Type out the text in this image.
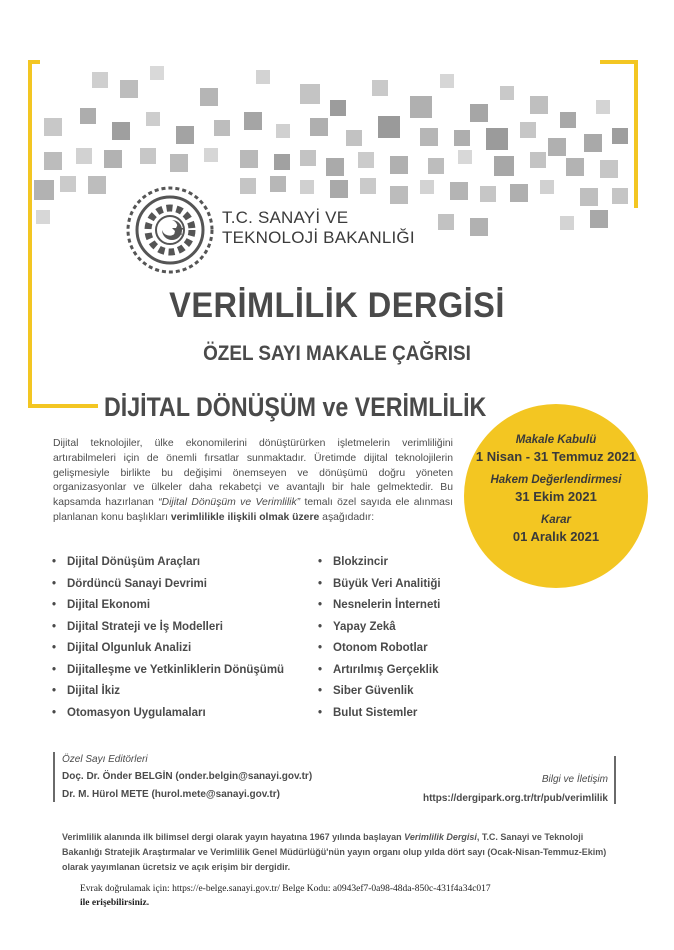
T.C. SANAYİ VE
TEKNOLOJİ BAKANLIĞI
VERİMLİLİK DERGİSİ
ÖZEL SAYI MAKALE ÇAĞRISI
DİJİTAL DÖNÜŞÜM ve VERİMLİLİK
Dijital teknolojiler, ülke ekonomilerini dönüştürürken işletmelerin verimliliğini artırabilmeleri için de önemli fırsatlar sunmaktadır. Üretimde dijital teknolojilerin gelişmesiyle birlikte bu değişimi önemseyen ve dönüşümü doğru yöneten organizasyonlar ve ülkeler daha rekabetçi ve avantajlı bir hale gelmektedir. Bu kapsamda hazırlanan “Dijital Dönüşüm ve Verimlilik” temalı özel sayıda ele alınması planlanan konu başlıkları verimlilikle ilişkili olmak üzere aşağıdadır:
Makale Kabulü
1 Nisan - 31 Temmuz 2021
Hakem Değerlendirmesi
31 Ekim 2021
Karar
01 Aralık 2021
• Dijital Dönüşüm Araçları
• Dördüncü Sanayi Devrimi
• Dijital Ekonomi
• Dijital Strateji ve İş Modelleri
• Dijital Olgunluk Analizi
• Dijitalleşme ve Yetkinliklerin Dönüşümü
• Dijital İkiz
• Otomasyon Uygulamaları
• Blokzincir
• Büyük Veri Analitiği
• Nesnelerin İnterneti
• Yapay Zekâ
• Otonom Robotlar
• Artırılmış Gerçeklik
• Siber Güvenlik
• Bulut Sistemler
Özel Sayı Editörleri
Doç. Dr. Önder BELGİN (onder.belgin@sanayi.gov.tr)
Dr. M. Hürol METE (hurol.mete@sanayi.gov.tr)
Bilgi ve İletişim
https://dergipark.org.tr/tr/pub/verimlilik
Verimlilik alanında ilk bilimsel dergi olarak yayın hayatına 1967 yılında başlayan Verimlilik Dergisi, T.C. Sanayi ve Teknoloji Bakanlığı Stratejik Araştırmalar ve Verimlilik Genel Müdürlüğü'nün yayın organı olup yılda dört sayı (Ocak-Nisan-Temmuz-Ekim) olarak yayımlanan ücretsiz ve açık erişim bir dergidir.
Evrak doğrulamak için: https://e-belge.sanayi.gov.tr/ Belge Kodu: a0943ef7-0a98-48da-850c-431f4a34c017
ile erişebilirsiniz.
